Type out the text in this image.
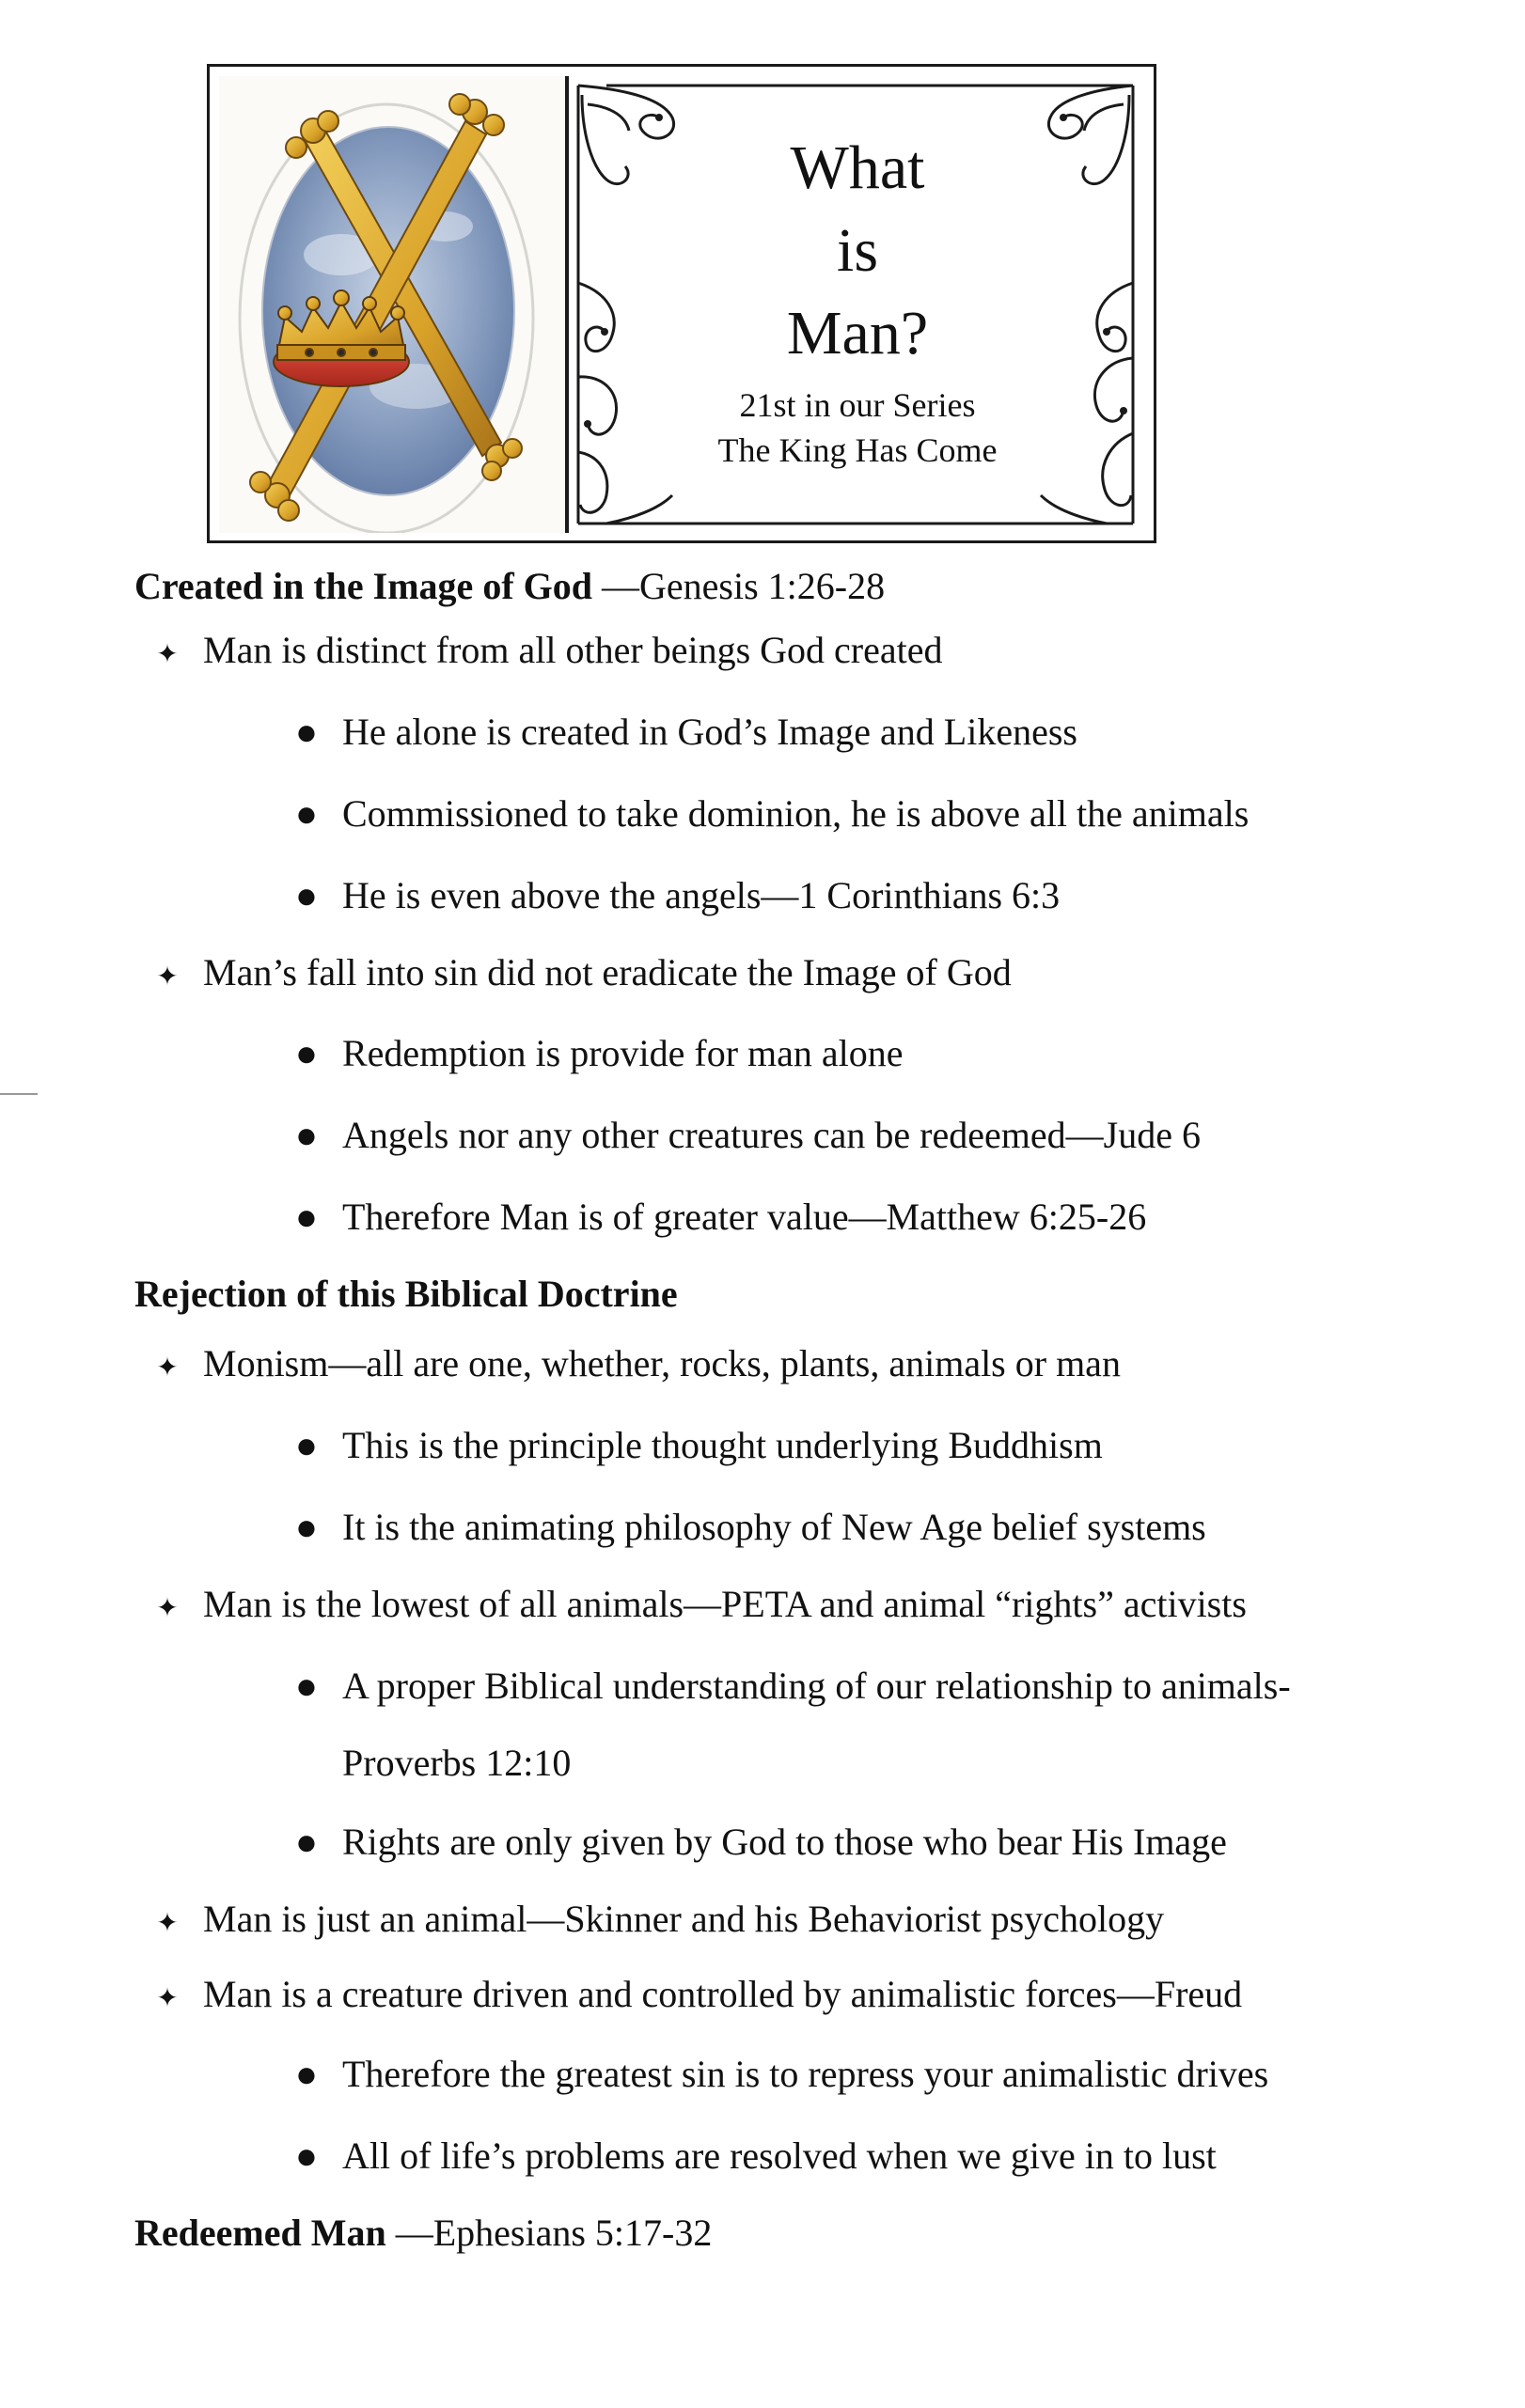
What
is
Man?
21st in our Series
The King Has Come
Created in the Image of God —Genesis 1:26-28
✦ Man is distinct from all other beings God created
● He alone is created in God’s Image and Likeness
● Commissioned to take dominion, he is above all the animals
● He is even above the angels—1 Corinthians 6:3
✦ Man’s fall into sin did not eradicate the Image of God
● Redemption is provide for man alone
● Angels nor any other creatures can be redeemed—Jude 6
● Therefore Man is of greater value—Matthew 6:25-26
Rejection of this Biblical Doctrine
✦ Monism—all are one, whether, rocks, plants, animals or man
● This is the principle thought underlying Buddhism
● It is the animating philosophy of New Age belief systems
✦ Man is the lowest of all animals—PETA and animal “rights” activists
● A proper Biblical understanding of our relationship to animals-
Proverbs 12:10
● Rights are only given by God to those who bear His Image
✦ Man is just an animal—Skinner and his Behaviorist psychology
✦ Man is a creature driven and controlled by animalistic forces—Freud
● Therefore the greatest sin is to repress your animalistic drives
● All of life’s problems are resolved when we give in to lust
Redeemed Man —Ephesians 5:17-32
